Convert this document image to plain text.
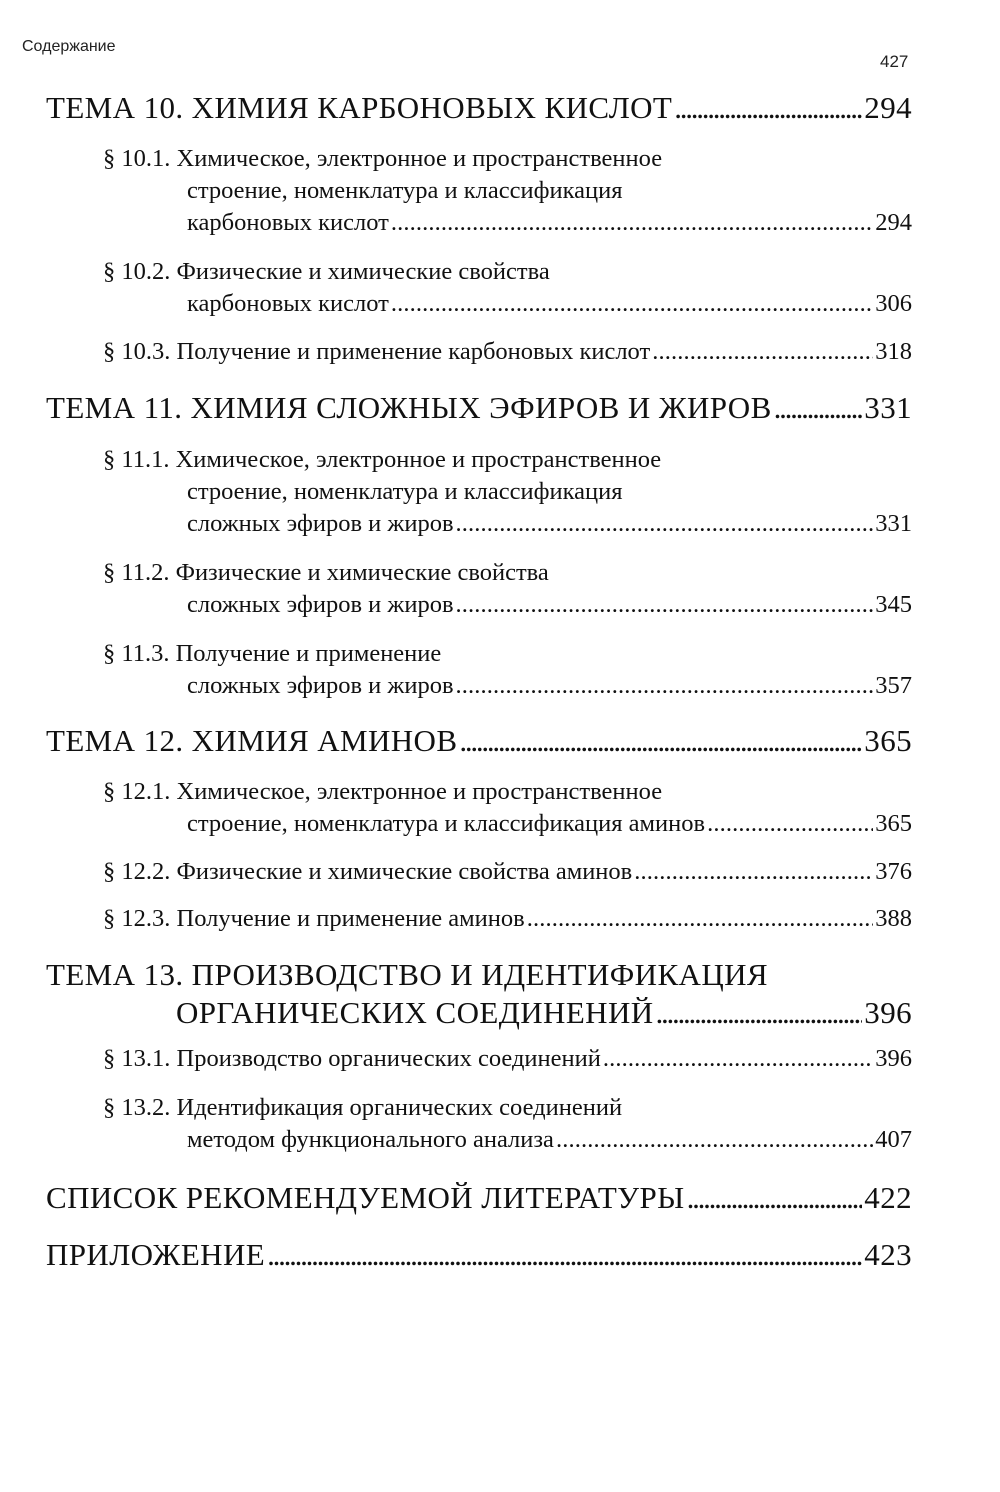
Содержание
427
ТЕМА 10. ХИМИЯ КАРБОНОВЫХ КИСЛОТ . . .	294
§ 10.1. Химическое, электронное и пространственное
строение, номенклатура и классификация
карбоновых кислот . . .	294
§ 10.2. Физические и химические свойства
карбоновых кислот . . .	306
§ 10.3. Получение и применение карбоновых кислот . . .	318
ТЕМА 11. ХИМИЯ СЛОЖНЫХ ЭФИРОВ И ЖИРОВ . . .	331
§ 11.1. Химическое, электронное и пространственное
строение, номенклатура и классификация
сложных эфиров и жиров . . .	331
§ 11.2. Физические и химические свойства
сложных эфиров и жиров . . .	345
§ 11.3. Получение и применение
сложных эфиров и жиров . . .	357
ТЕМА 12. ХИМИЯ АМИНОВ . . .	365
§ 12.1. Химическое, электронное и пространственное
строение, номенклатура и классификация аминов . . .	365
§ 12.2. Физические и химические свойства аминов . . .	376
§ 12.3. Получение и применение аминов . . .	388
ТЕМА 13. ПРОИЗВОДСТВО И ИДЕНТИФИКАЦИЯ
ОРГАНИЧЕСКИХ СОЕДИНЕНИЙ . . .	396
§ 13.1. Производство органических соединений . . .	396
§ 13.2. Идентификация органических соединений
методом функционального анализа . . .	407
СПИСОК РЕКОМЕНДУЕМОЙ ЛИТЕРАТУРЫ . . .	422
ПРИЛОЖЕНИЕ . . .	423
